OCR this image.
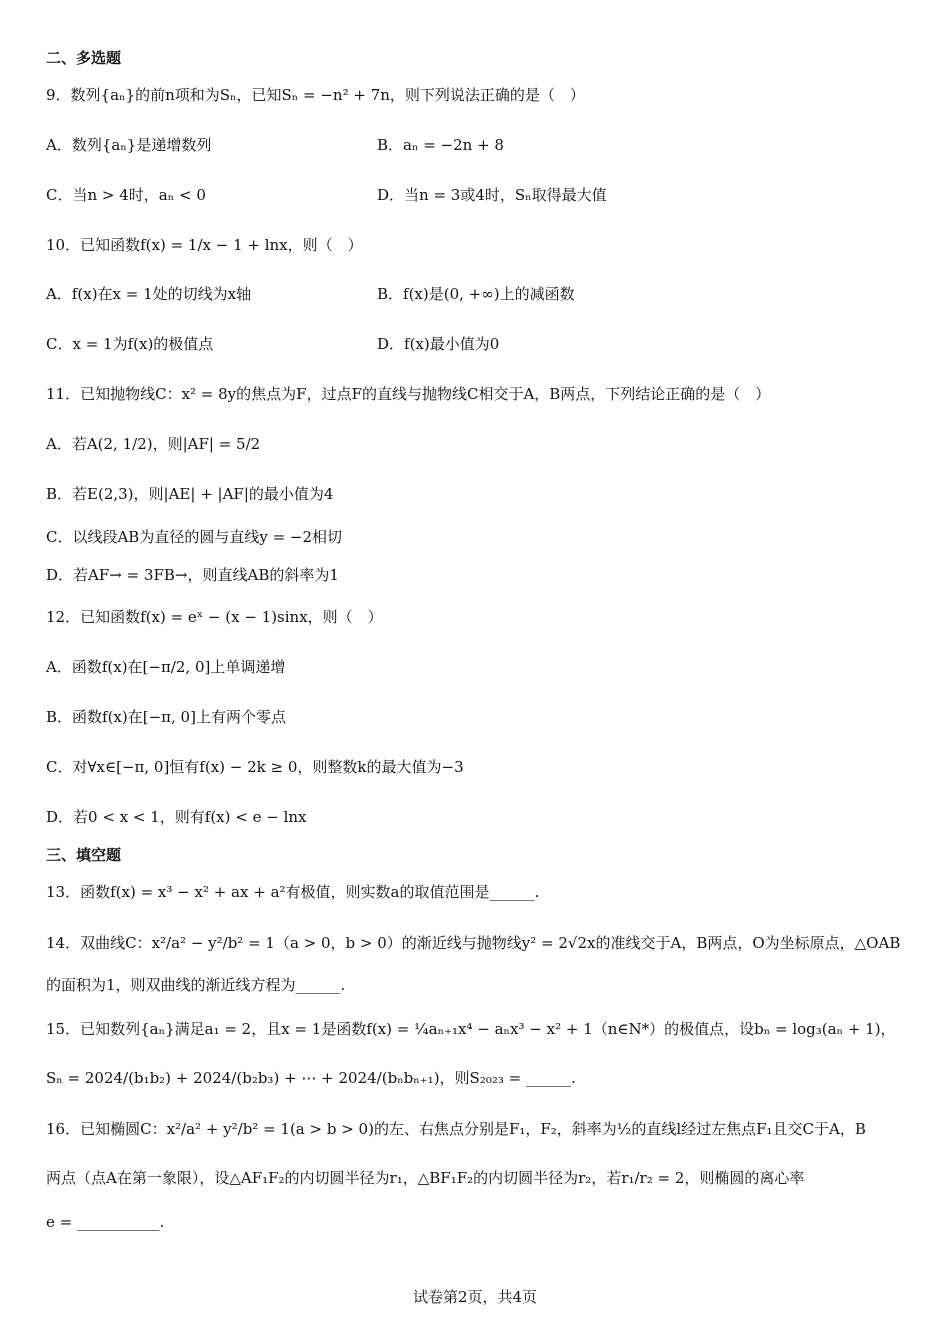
二、多选题
9．数列{aₙ}的前n项和为Sₙ，已知Sₙ = −n² + 7n，则下列说法正确的是（　）
A．数列{aₙ}是递增数列	B．aₙ = −2n + 8
C．当n > 4时，aₙ < 0	D．当n = 3或4时，Sₙ取得最大值
10．已知函数f(x) = 1/x − 1 + lnx，则（　）
A．f(x)在x = 1处的切线为x轴	B．f(x)是(0, +∞)上的减函数
C．x = 1为f(x)的极值点	D．f(x)最小值为0
11．已知抛物线C：x² = 8y的焦点为F，过点F的直线与抛物线C相交于A，B两点，下列结论正确的是（　）
A．若A(2, 1/2)，则|AF| = 5/2
B．若E(2,3)，则|AE| + |AF|的最小值为4
C．以线段AB为直径的圆与直线y = −2相切
D．若AF→ = 3FB→，则直线AB的斜率为1
12．已知函数f(x) = eˣ − (x − 1)sinx，则（　）
A．函数f(x)在[−π/2, 0]上单调递增
B．函数f(x)在[−π, 0]上有两个零点
C．对∀x∈[−π, 0]恒有f(x) − 2k ≥ 0，则整数k的最大值为−3
D．若0 < x < 1，则有f(x) < e − lnx
三、填空题
13．函数f(x) = x³ − x² + ax + a²有极值，则实数a的取值范围是______.
14．双曲线C：x²/a² − y²/b² = 1（a > 0，b > 0）的渐近线与抛物线y² = 2√2x的准线交于A，B两点，O为坐标原点，△OAB
的面积为1，则双曲线的渐近线方程为______.
15．已知数列{aₙ}满足a₁ = 2，且x = 1是函数f(x) = ¼aₙ₊₁x⁴ − aₙx³ − x² + 1（n∈N*）的极值点，设bₙ = log₃(aₙ + 1)，
Sₙ = 2024/(b₁b₂) + 2024/(b₂b₃) + ⋯ + 2024/(bₙbₙ₊₁)，则S₂₀₂₃ = ______.
16．已知椭圆C：x²/a² + y²/b² = 1(a > b > 0)的左、右焦点分别是F₁，F₂，斜率为½的直线l经过左焦点F₁且交C于A，B
两点（点A在第一象限），设△AF₁F₂的内切圆半径为r₁，△BF₁F₂的内切圆半径为r₂，若r₁/r₂ = 2，则椭圆的离心率
e = ___________.
试卷第2页，共4页
